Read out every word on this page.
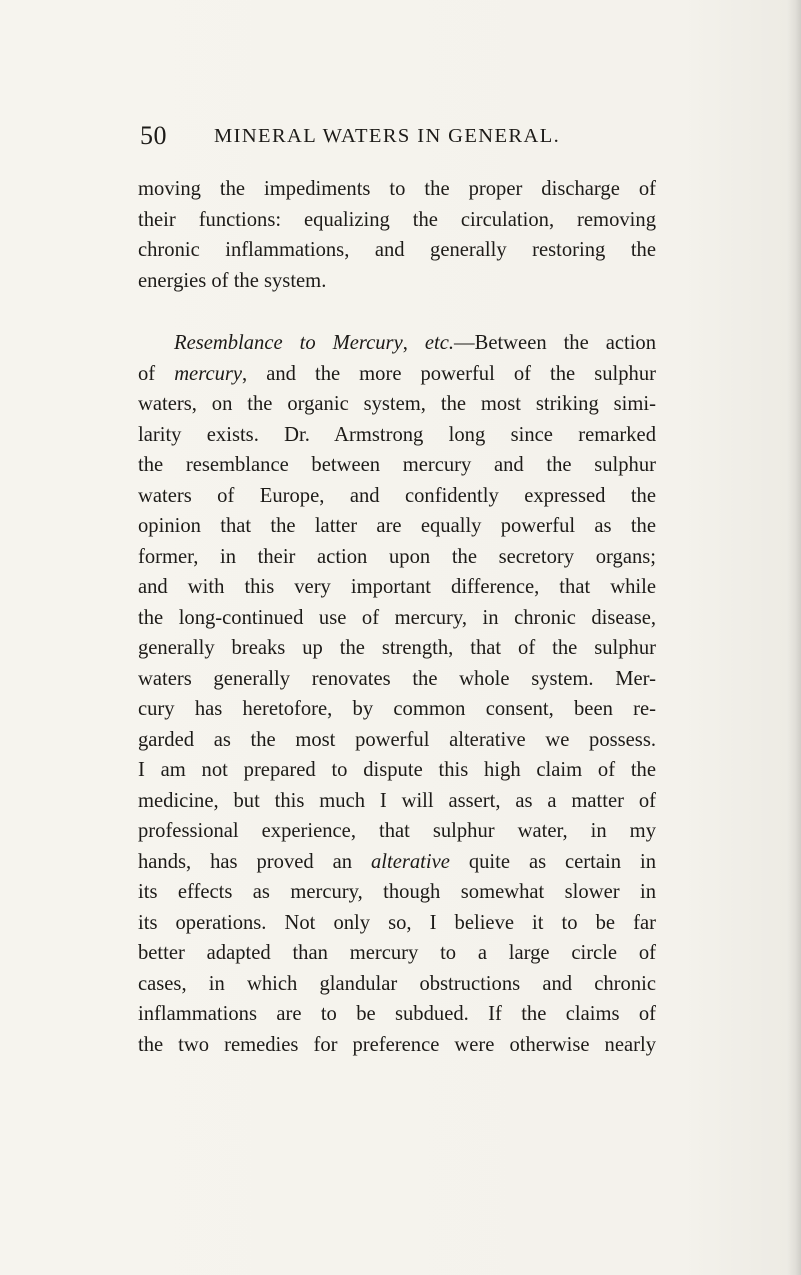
50 MINERAL WATERS IN GENERAL.
moving the impediments to the proper discharge of
their functions: equalizing the circulation, removing
chronic inflammations, and generally restoring the
energies of the system.
Resemblance to Mercury, etc.—Between the action
of mercury, and the more powerful of the sulphur
waters, on the organic system, the most striking simi-
larity exists. Dr. Armstrong long since remarked
the resemblance between mercury and the sulphur
waters of Europe, and confidently expressed the
opinion that the latter are equally powerful as the
former, in their action upon the secretory organs;
and with this very important difference, that while
the long-continued use of mercury, in chronic disease,
generally breaks up the strength, that of the sulphur
waters generally renovates the whole system. Mer-
cury has heretofore, by common consent, been re-
garded as the most powerful alterative we possess.
I am not prepared to dispute this high claim of the
medicine, but this much I will assert, as a matter of
professional experience, that sulphur water, in my
hands, has proved an alterative quite as certain in
its effects as mercury, though somewhat slower in
its operations. Not only so, I believe it to be far
better adapted than mercury to a large circle of
cases, in which glandular obstructions and chronic
inflammations are to be subdued. If the claims of
the two remedies for preference were otherwise nearly
